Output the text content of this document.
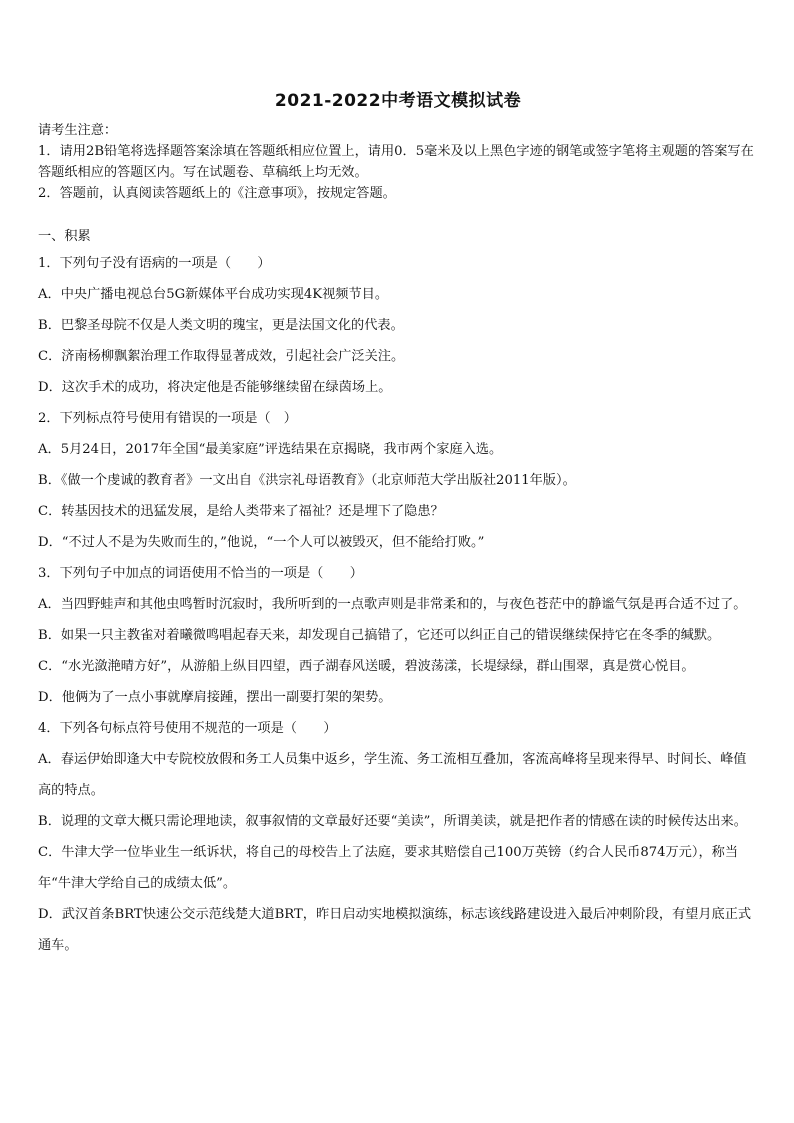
2021-2022中考语文模拟试卷
请考生注意：
1．请用2B铅笔将选择题答案涂填在答题纸相应位置上，请用0．5毫米及以上黑色字迹的钢笔或签字笔将主观题的答案写在答题纸相应的答题区内。写在试题卷、草稿纸上均无效。
2．答题前，认真阅读答题纸上的《注意事项》，按规定答题。
一、积累

1．下列句子没有语病的一项是（　　）

A．中央广播电视总台5G新媒体平台成功实现4K视频节目。

B．巴黎圣母院不仅是人类文明的瑰宝，更是法国文化的代表。

C．济南杨柳飘絮治理工作取得显著成效，引起社会广泛关注。

D．这次手术的成功，将决定他是否能够继续留在绿茵场上。

2．下列标点符号使用有错误的一项是（　）

A．5月24日，2017年全国“最美家庭”评选结果在京揭晓，我市两个家庭入选。

B．《做一个虔诚的教育者》一文出自《洪宗礼母语教育》（北京师范大学出版社2011年版）。

C．转基因技术的迅猛发展，是给人类带来了福祉？还是埋下了隐患？

D．“不过人不是为失败而生的，”他说，“一个人可以被毁灭，但不能给打败。”

3．下列句子中加点的词语使用不恰当的一项是（　　）

A．当四野蛙声和其他虫鸣暂时沉寂时，我所听到的一点歌声则是非常柔和的，与夜色苍茫中的静谧气氛是再合适不过了。

B．如果一只主教雀对着曦微鸣唱起春天来，却发现自己搞错了，它还可以纠正自己的错误继续保持它在冬季的缄默。

C．“水光潋滟晴方好”，从游船上纵目四望，西子湖春风送暖，碧波荡漾，长堤绿绿，群山围翠，真是赏心悦目。

D．他俩为了一点小事就摩肩接踵，摆出一副要打架的架势。

4．下列各句标点符号使用不规范的一项是（　　）

A．春运伊始即逢大中专院校放假和务工人员集中返乡，学生流、务工流相互叠加，客流高峰将呈现来得早、时间长、峰值高的特点。

B．说理的文章大概只需论理地读，叙事叙情的文章最好还要“美读”，所谓美读，就是把作者的情感在读的时候传达出来。

C．牛津大学一位毕业生一纸诉状，将自己的母校告上了法庭，要求其赔偿自己100万英镑（约合人民币874万元），称当年“牛津大学给自己的成绩太低”。

D．武汉首条BRT快速公交示范线楚大道BRT，昨日启动实地模拟演练，标志该线路建设进入最后冲刺阶段，有望月底正式通车。
